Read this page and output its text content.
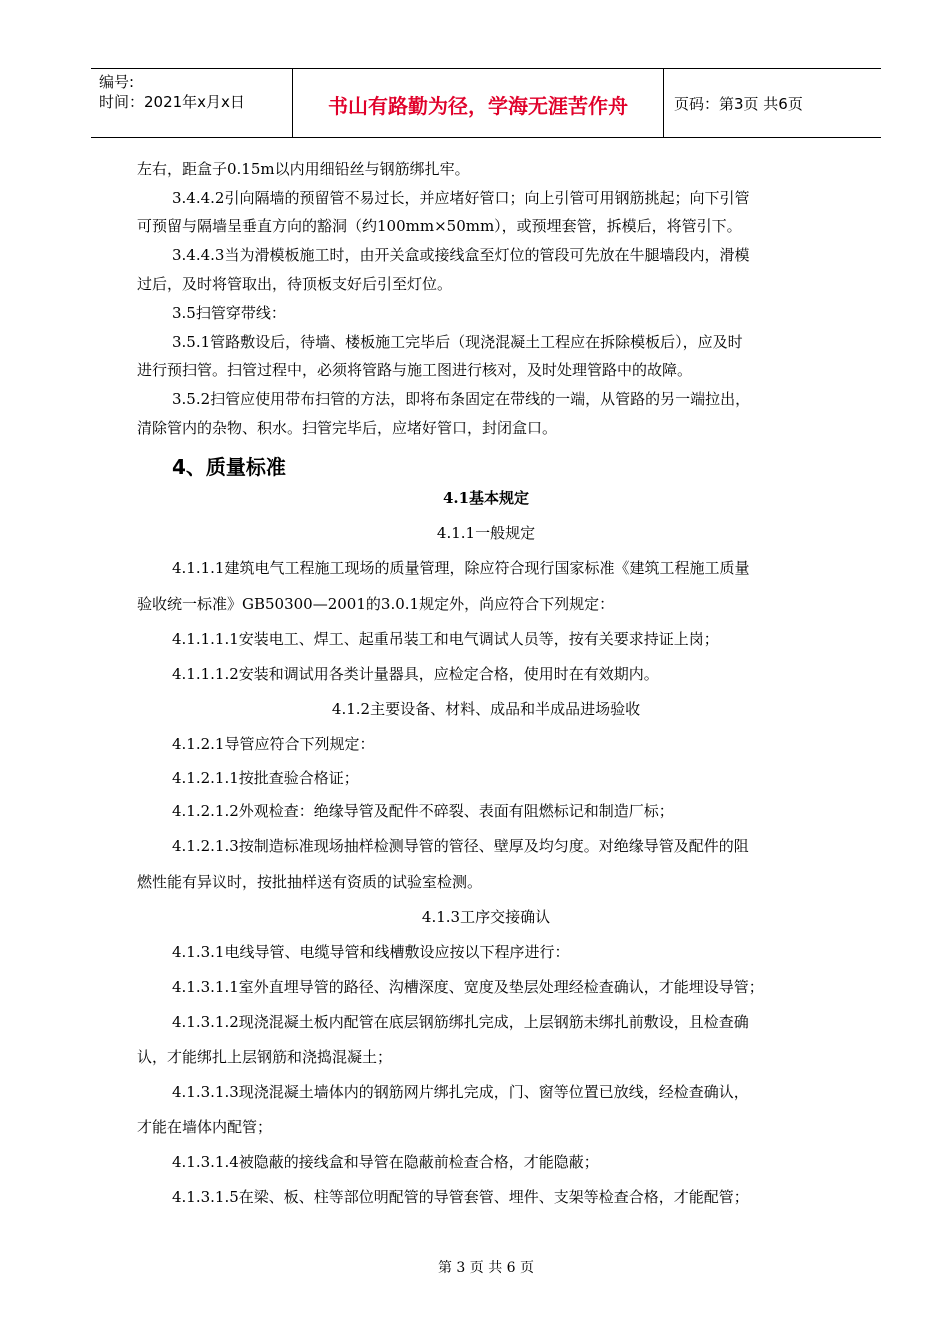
编号:
时间：2021年x月x日	书山有路勤为径，学海无涯苦作舟	页码：第3页 共6页
左右，距盒子0.15m以内用细铅丝与钢筋绑扎牢。
3.4.4.2引向隔墙的预留管不易过长，并应堵好管口；向上引管可用钢筋挑起；向下引管
可预留与隔墙呈垂直方向的豁洞（约100mm×50mm），或预埋套管，拆模后，将管引下。
3.4.4.3当为滑模板施工时，由开关盒或接线盒至灯位的管段可先放在牛腿墙段内，滑模
过后，及时将管取出，待顶板支好后引至灯位。
3.5扫管穿带线：
3.5.1管路敷设后，待墙、楼板施工完毕后（现浇混凝土工程应在拆除模板后），应及时
进行预扫管。扫管过程中，必须将管路与施工图进行核对，及时处理管路中的故障。
3.5.2扫管应使用带布扫管的方法，即将布条固定在带线的一端，从管路的另一端拉出，
清除管内的杂物、积水。扫管完毕后，应堵好管口，封闭盒口。
4、质量标准
4.1基本规定
4.1.1一般规定
4.1.1.1建筑电气工程施工现场的质量管理，除应符合现行国家标准《建筑工程施工质量
验收统一标准》GB50300—2001的3.0.1规定外，尚应符合下列规定：
4.1.1.1.1安装电工、焊工、起重吊装工和电气调试人员等，按有关要求持证上岗；
4.1.1.1.2安装和调试用各类计量器具，应检定合格，使用时在有效期内。
4.1.2主要设备、材料、成品和半成品进场验收
4.1.2.1导管应符合下列规定：
4.1.2.1.1按批查验合格证；
4.1.2.1.2外观检查：绝缘导管及配件不碎裂、表面有阻燃标记和制造厂标；
4.1.2.1.3按制造标准现场抽样检测导管的管径、壁厚及均匀度。对绝缘导管及配件的阻
燃性能有异议时，按批抽样送有资质的试验室检测。
4.1.3工序交接确认
4.1.3.1电线导管、电缆导管和线槽敷设应按以下程序进行：
4.1.3.1.1室外直埋导管的路径、沟槽深度、宽度及垫层处理经检查确认，才能埋设导管；
4.1.3.1.2现浇混凝土板内配管在底层钢筋绑扎完成，上层钢筋未绑扎前敷设，且检查确
认，才能绑扎上层钢筋和浇捣混凝土；
4.1.3.1.3现浇混凝土墙体内的钢筋网片绑扎完成，门、窗等位置已放线，经检查确认，
才能在墙体内配管；
4.1.3.1.4被隐蔽的接线盒和导管在隐蔽前检查合格，才能隐蔽；
4.1.3.1.5在梁、板、柱等部位明配管的导管套管、埋件、支架等检查合格，才能配管；
第 3 页 共 6 页
